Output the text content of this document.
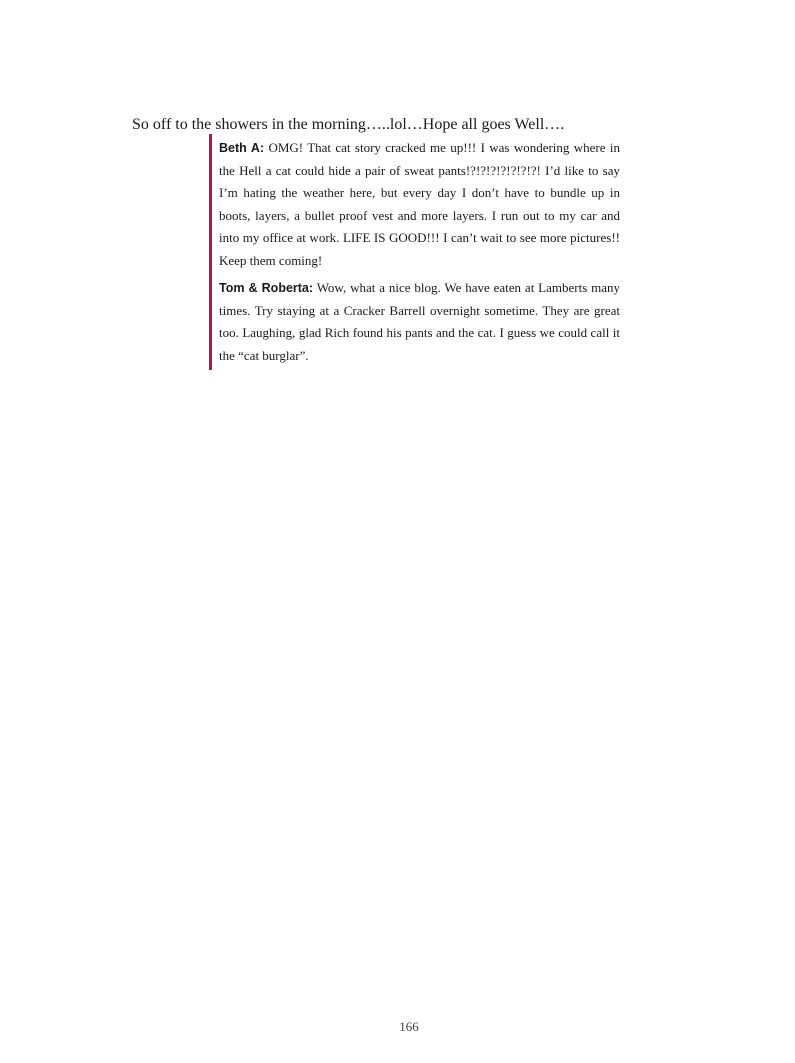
So off to the showers in the morning…..lol…Hope all goes Well….

Beth A: OMG! That cat story cracked me up!!! I was wondering where in the Hell a cat could hide a pair of sweat pants!?!?!?!?!?!?!?! I’d like to say I’m hating the weather here, but every day I don’t have to bundle up in boots, layers, a bullet proof vest and more layers. I run out to my car and into my office at work. LIFE IS GOOD!!! I can’t wait to see more pictures!! Keep them coming!

Tom & Roberta: Wow, what a nice blog. We have eaten at Lamberts many times. Try staying at a Cracker Barrell overnight sometime. They are great too. Laughing, glad Rich found his pants and the cat. I guess we could call it the “cat burglar”.

166
